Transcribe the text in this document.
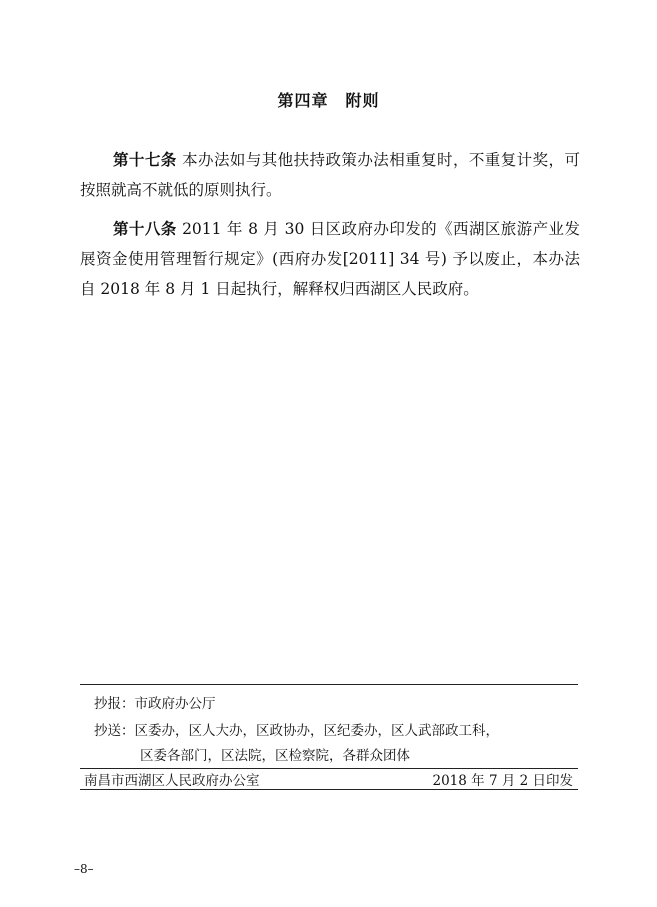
第四章　附则

第十七条 本办法如与其他扶持政策办法相重复时，不重复计奖，可按照就高不就低的原则执行。

第十八条 2011 年 8 月 30 日区政府办印发的《西湖区旅游产业发展资金使用管理暂行规定》(西府办发[2011] 34 号) 予以废止，本办法自 2018 年 8 月 1 日起执行，解释权归西湖区人民政府。

抄报：市政府办公厅
抄送：区委办，区人大办，区政协办，区纪委办，区人武部政工科，
区委各部门，区法院，区检察院，各群众团体
南昌市西湖区人民政府办公室	2018 年 7 月 2 日印发
–8–
